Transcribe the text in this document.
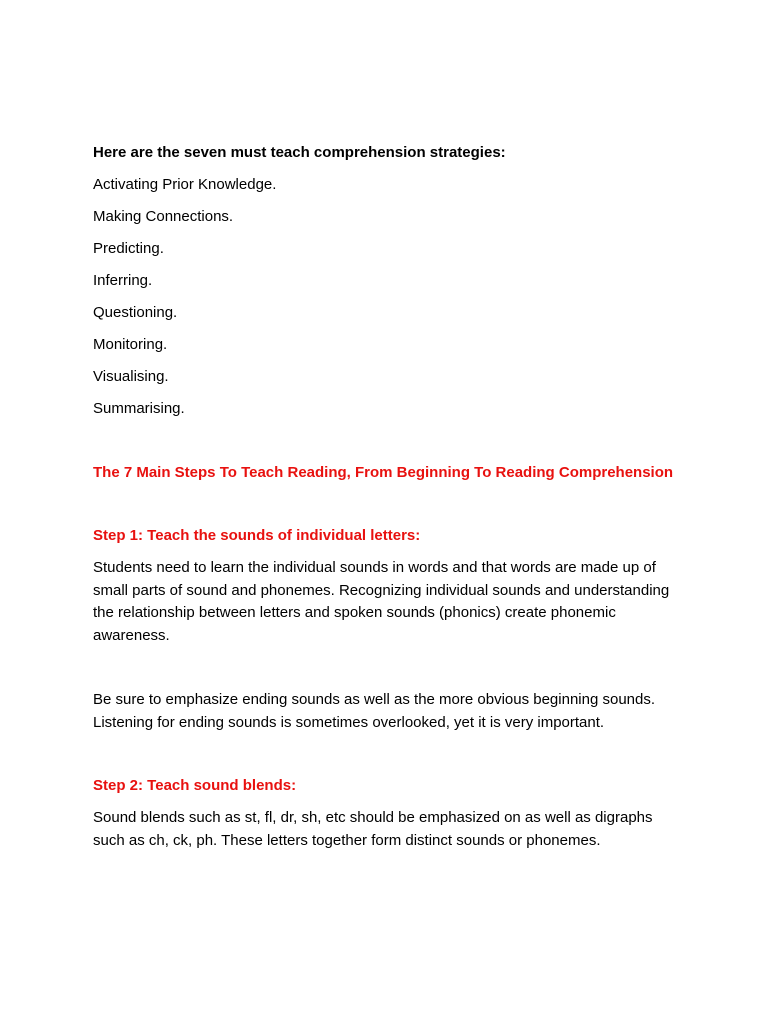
Here are the seven must teach comprehension strategies:

Activating Prior Knowledge.
Making Connections.
Predicting.
Inferring.
Questioning.
Monitoring.
Visualising.
Summarising.

The 7 Main Steps To Teach Reading, From Beginning To Reading Comprehension

Step 1: Teach the sounds of individual letters:

Students need to learn the individual sounds in words and that words are made up of small parts of sound and phonemes. Recognizing individual sounds and understanding the relationship between letters and spoken sounds (phonics) create phonemic awareness.

Be sure to emphasize ending sounds as well as the more obvious beginning sounds. Listening for ending sounds is sometimes overlooked, yet it is very important.

Step 2: Teach sound blends:

Sound blends such as st, fl, dr, sh, etc should be emphasized on as well as digraphs such as ch, ck, ph. These letters together form distinct sounds or phonemes.
